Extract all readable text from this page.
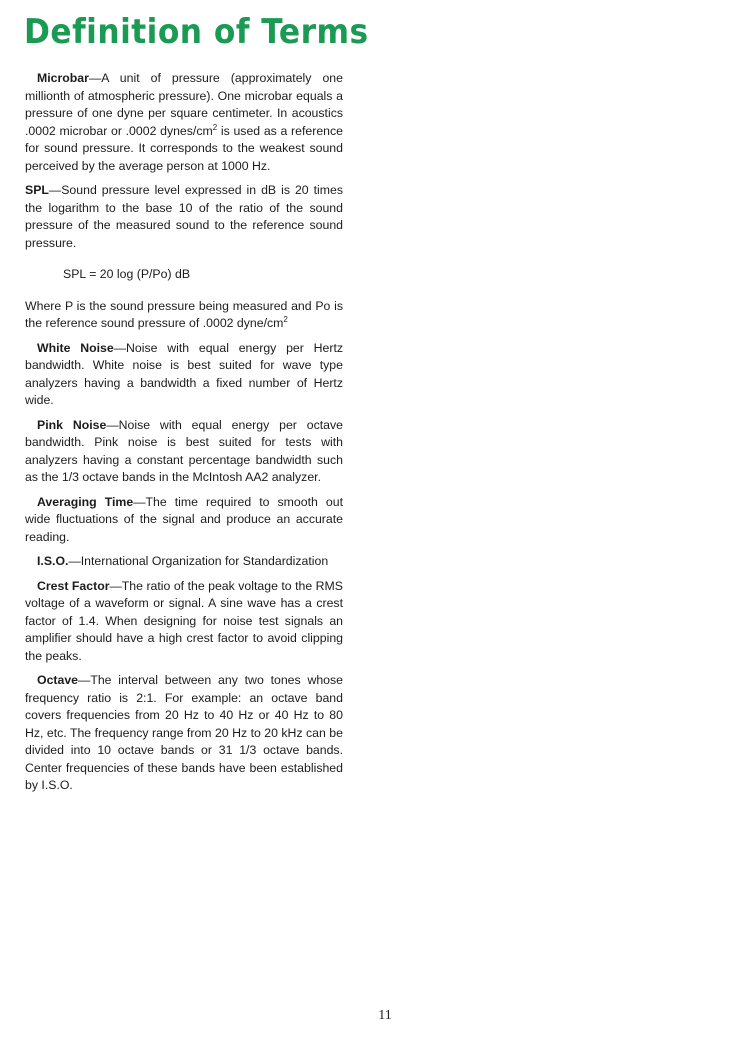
Definition of Terms

Microbar—A unit of pressure (approximately one millionth of atmospheric pressure). One microbar equals a pressure of one dyne per square centimeter. In acoustics .0002 microbar or .0002 dynes/$cm^2$ is used as a reference for sound pressure. It corresponds to the weakest sound perceived by the average person at 1000 Hz.

SPL—Sound pressure level expressed in dB is 20 times the logarithm to the base 10 of the ratio of the sound pressure of the measured sound to the reference sound pressure.

SPL = 20 log (P/Po) dB

Where P is the sound pressure being measured and Po is the reference sound pressure of .0002 dyne/$cm^2$

White Noise—Noise with equal energy per Hertz bandwidth. White noise is best suited for wave type analyzers having a bandwidth a fixed number of Hertz wide.

Pink Noise—Noise with equal energy per octave bandwidth. Pink noise is best suited for tests with analyzers having a constant percentage bandwidth such as the 1/3 octave bands in the McIntosh AA2 analyzer.

Averaging Time—The time required to smooth out wide fluctuations of the signal and produce an accurate reading.

I.S.O.—International Organization for Standardization

Crest Factor—The ratio of the peak voltage to the RMS voltage of a waveform or signal. A sine wave has a crest factor of 1.4. When designing for noise test signals an amplifier should have a high crest factor to avoid clipping the peaks.

Octave—The interval between any two tones whose frequency ratio is 2:1. For example: an octave band covers frequencies from 20 Hz to 40 Hz or 40 Hz to 80 Hz, etc. The frequency range from 20 Hz to 20 kHz can be divided into 10 octave bands or 31 1/3 octave bands. Center frequencies of these bands have been established by I.S.O.

11
